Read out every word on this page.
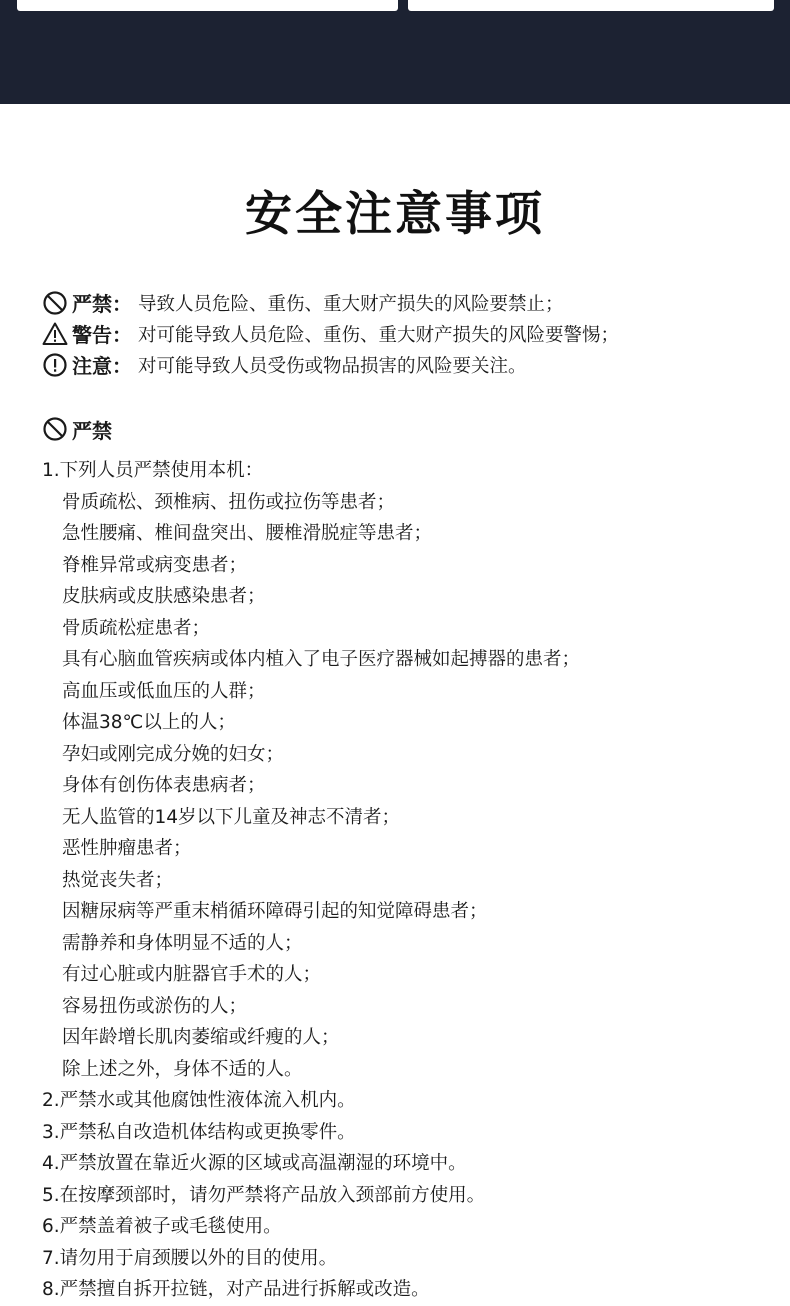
安全注意事项
严禁 ： 导致人员危险、重伤、重大财产损失的风险要禁止；
警告 ： 对可能导致人员危险、重伤、重大财产损失的风险要警惕；
注意 ： 对可能导致人员受伤或物品损害的风险要关注。
严禁
1.下列人员严禁使用本机：
骨质疏松、颈椎病、扭伤或拉伤等患者；
急性腰痛、椎间盘突出、腰椎滑脱症等患者；
脊椎异常或病变患者；
皮肤病或皮肤感染患者；
骨质疏松症患者；
具有心脑血管疾病或体内植入了电子医疗器械如起搏器的患者；
高血压或低血压的人群；
体温38℃以上的人；
孕妇或刚完成分娩的妇女；
身体有创伤体表患病者；
无人监管的14岁以下儿童及神志不清者；
恶性肿瘤患者；
热觉丧失者；
因糖尿病等严重末梢循环障碍引起的知觉障碍患者；
需静养和身体明显不适的人；
有过心脏或内脏器官手术的人；
容易扭伤或淤伤的人；
因年龄增长肌肉萎缩或纤瘦的人；
除上述之外，身体不适的人。
2.严禁水或其他腐蚀性液体流入机内。
3.严禁私自改造机体结构或更换零件。
4.严禁放置在靠近火源的区域或高温潮湿的环境中。
5.在按摩颈部时，请勿严禁将产品放入颈部前方使用。
6.严禁盖着被子或毛毯使用。
7.请勿用于肩颈腰以外的目的使用。
8.严禁擅自拆开拉链，对产品进行拆解或改造。
